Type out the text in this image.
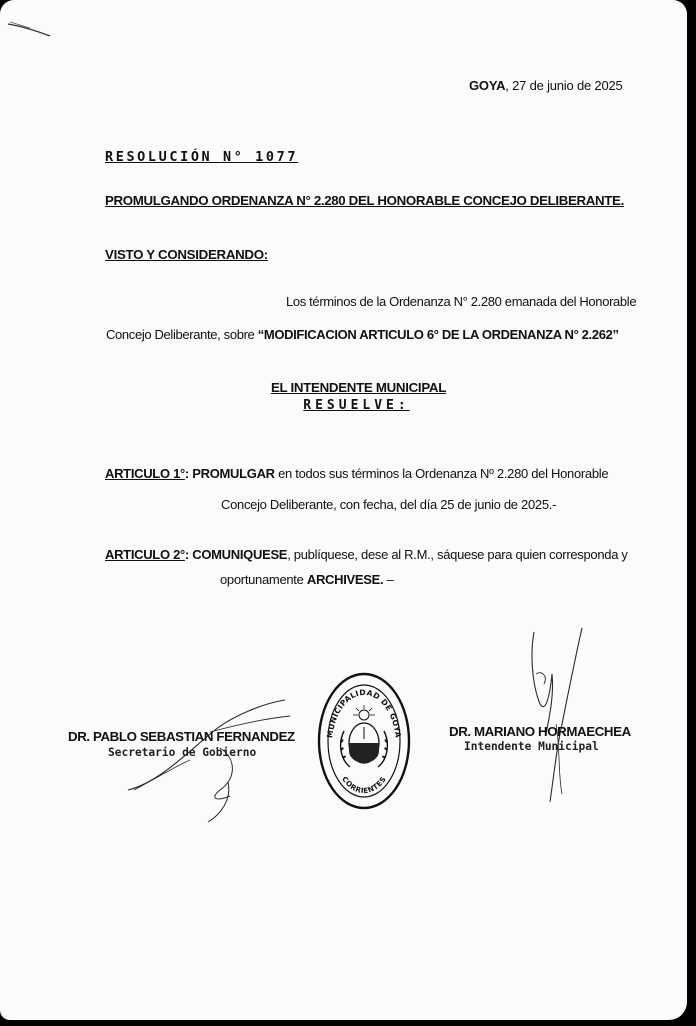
GOYA, 27 de junio de 2025
RESOLUCIÓN N° 1077
PROMULGANDO ORDENANZA N° 2.280 DEL HONORABLE CONCEJO DELIBERANTE.
VISTO Y CONSIDERANDO:
Los términos de la Ordenanza N° 2.280 emanada del Honorable
Concejo Deliberante, sobre “MODIFICACION ARTICULO 6° DE LA ORDENANZA N° 2.262”
EL INTENDENTE MUNICIPAL
RESUELVE:
ARTICULO 1°: PROMULGAR en todos sus términos la Ordenanza Nº 2.280 del Honorable
Concejo Deliberante, con fecha, del día 25 de junio de 2025.-
ARTICULO 2°: COMUNIQUESE, publíquese, dese al R.M., sáquese para quien corresponda y
oportunamente ARCHIVESE. –
DR. PABLO SEBASTIAN FERNANDEZ
Secretario de Gobierno
MUNICIPALIDAD DE GOYA
CORRIENTES
DR. MARIANO HORMAECHEA
Intendente Municipal
